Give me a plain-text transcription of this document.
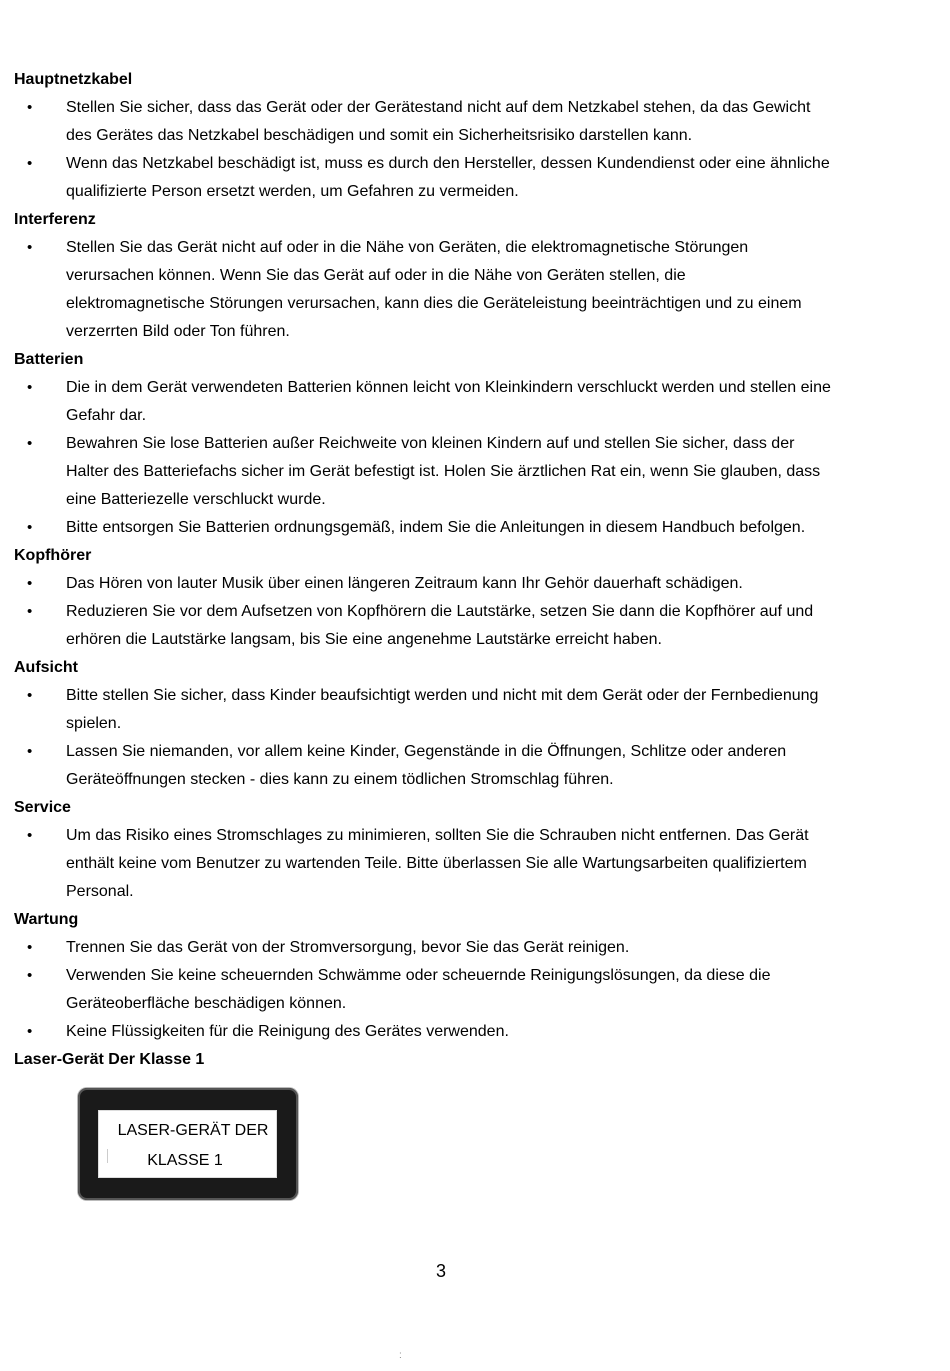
Hauptnetzkabel
• Stellen Sie sicher, dass das Gerät oder der Gerätestand nicht auf dem Netzkabel stehen, da das Gewicht
des Gerätes das Netzkabel beschädigen und somit ein Sicherheitsrisiko darstellen kann.
• Wenn das Netzkabel beschädigt ist, muss es durch den Hersteller, dessen Kundendienst oder eine ähnliche
qualifizierte Person ersetzt werden, um Gefahren zu vermeiden.
Interferenz
• Stellen Sie das Gerät nicht auf oder in die Nähe von Geräten, die elektromagnetische Störungen
verursachen können. Wenn Sie das Gerät auf oder in die Nähe von Geräten stellen, die
elektromagnetische Störungen verursachen, kann dies die Geräteleistung beeinträchtigen und zu einem
verzerrten Bild oder Ton führen.
Batterien
• Die in dem Gerät verwendeten Batterien können leicht von Kleinkindern verschluckt werden und stellen eine
Gefahr dar.
• Bewahren Sie lose Batterien außer Reichweite von kleinen Kindern auf und stellen Sie sicher, dass der
Halter des Batteriefachs sicher im Gerät befestigt ist. Holen Sie ärztlichen Rat ein, wenn Sie glauben, dass
eine Batteriezelle verschluckt wurde.
• Bitte entsorgen Sie Batterien ordnungsgemäß, indem Sie die Anleitungen in diesem Handbuch befolgen.
Kopfhörer
• Das Hören von lauter Musik über einen längeren Zeitraum kann Ihr Gehör dauerhaft schädigen.
• Reduzieren Sie vor dem Aufsetzen von Kopfhörern die Lautstärke, setzen Sie dann die Kopfhörer auf und
erhören die Lautstärke langsam, bis Sie eine angenehme Lautstärke erreicht haben.
Aufsicht
• Bitte stellen Sie sicher, dass Kinder beaufsichtigt werden und nicht mit dem Gerät oder der Fernbedienung
spielen.
• Lassen Sie niemanden, vor allem keine Kinder, Gegenstände in die Öffnungen, Schlitze oder anderen
Geräteöffnungen stecken - dies kann zu einem tödlichen Stromschlag führen.
Service
• Um das Risiko eines Stromschlages zu minimieren, sollten Sie die Schrauben nicht entfernen. Das Gerät
enthält keine vom Benutzer zu wartenden Teile. Bitte überlassen Sie alle Wartungsarbeiten qualifiziertem
Personal.
Wartung
• Trennen Sie das Gerät von der Stromversorgung, bevor Sie das Gerät reinigen.
• Verwenden Sie keine scheuernden Schwämme oder scheuernde Reinigungslösungen, da diese die
Geräteoberfläche beschädigen können.
• Keine Flüssigkeiten für die Reinigung des Gerätes verwenden.
Laser-Gerät Der Klasse 1
LASER-GERÄT DER
KLASSE 1
3
:
